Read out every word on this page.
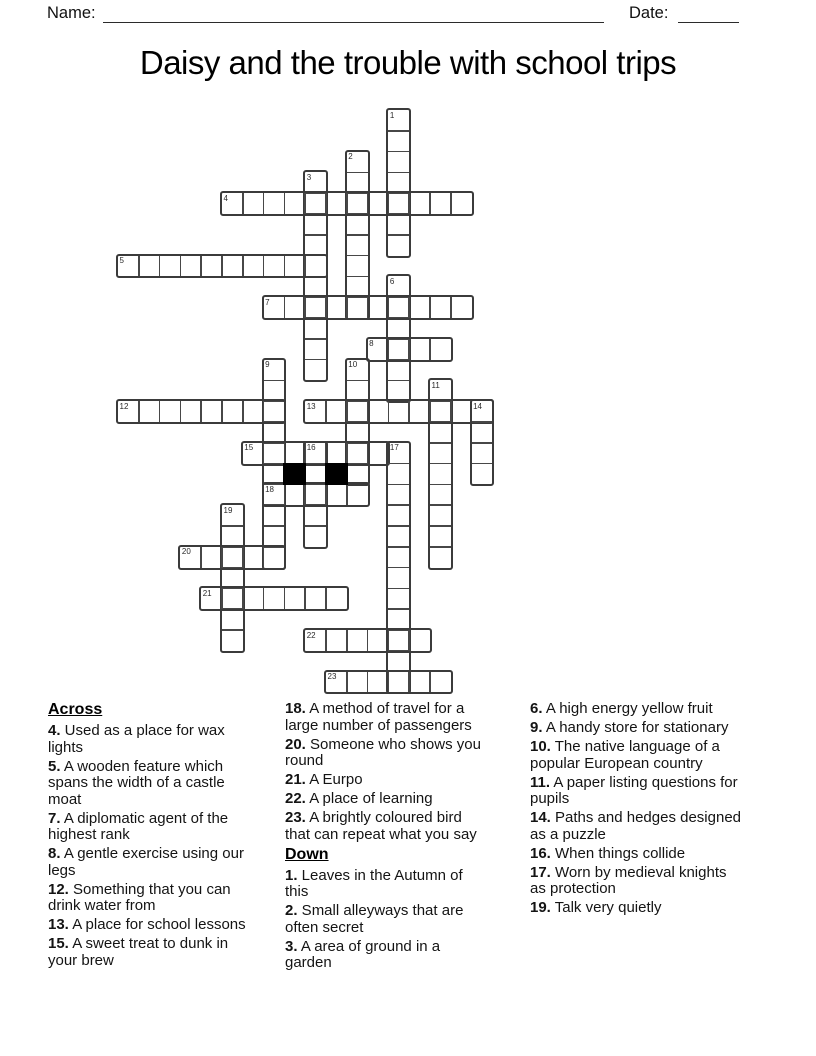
Name:	Date:
Daisy and the trouble with school trips
1
2
3
4
5
6
7
8
9	10
11
12	13	14
15	16	17
18
19
20
21
22
23

Across

4. Used as a place for wax lights

5. A wooden feature which spans the width of a castle moat

7. A diplomatic agent of the highest rank

8. A gentle exercise using our legs

12. Something that you can drink water from

13. A place for school lessons

15. A sweet treat to dunk in your brew

18. A method of travel for a large number of passengers

20. Someone who shows you round

21. A Eurpo

22. A place of learning

23. A brightly coloured bird that can repeat what you say

Down

1. Leaves in the Autumn of this

2. Small alleyways that are often secret

3. A area of ground in a garden

6. A high energy yellow fruit

9. A handy store for stationary

10. The native language of a popular European country

11. A paper listing questions for pupils

14. Paths and hedges designed as a puzzle

16. When things collide

17. Worn by medieval knights as protection

19. Talk very quietly
